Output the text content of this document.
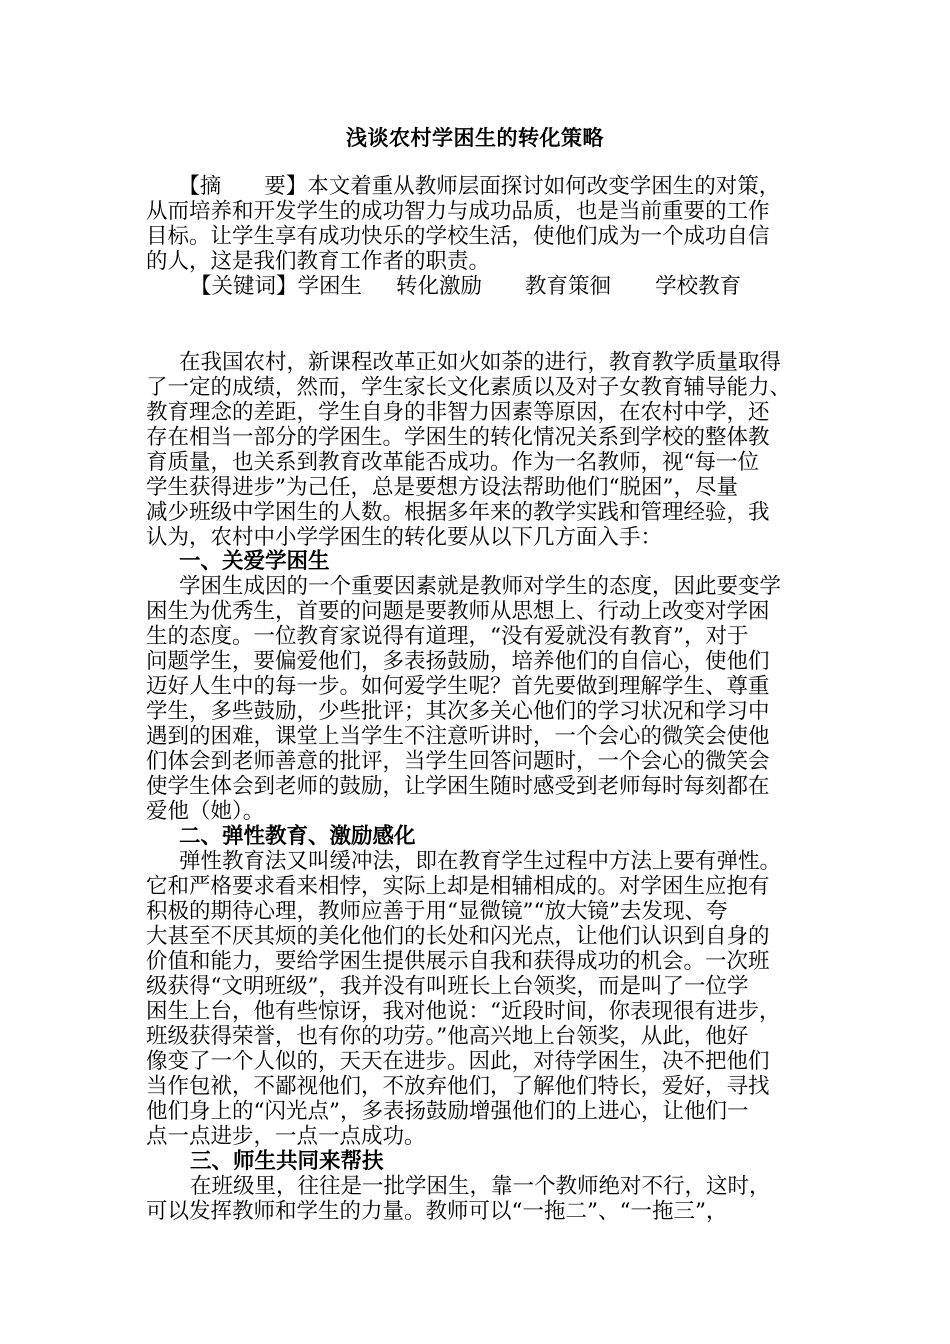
浅谈农村学困生的转化策略
　　【摘　　要】本文着重从教师层面探讨如何改变学困生的对策，
从而培养和开发学生的成功智力与成功品质，也是当前重要的工作
目标。让学生享有成功快乐的学校生活，使他们成为一个成功自信
的人，这是我们教育工作者的职责。
【关键词】学困生 转化激励 教育策徊 学校教育
在我国农村，新课程改革正如火如荼的进行，教育教学质量取得
了一定的成绩，然而，学生家长文化素质以及对子女教育辅导能力、
教育理念的差距，学生自身的非智力因素等原因，在农村中学，还
存在相当一部分的学困生。学困生的转化情况关系到学校的整体教
育质量，也关系到教育改革能否成功。作为一名教师，视“每一位
学生获得进步”为己任，总是要想方设法帮助他们“脱困”，尽量
减少班级中学困生的人数。根据多年来的教学实践和管理经验，我
认为，农村中小学学困生的转化要从以下几方面入手：
一、关爱学困生
学困生成因的一个重要因素就是教师对学生的态度，因此要变学
困生为优秀生，首要的问题是要教师从思想上、行动上改变对学困
生的态度。一位教育家说得有道理，“没有爱就没有教育”，对于
问题学生，要偏爱他们，多表扬鼓励，培养他们的自信心，使他们
迈好人生中的每一步。如何爱学生呢？首先要做到理解学生、尊重
学生，多些鼓励，少些批评；其次多关心他们的学习状况和学习中
遇到的困难，课堂上当学生不注意听讲时，一个会心的微笑会使他
们体会到老师善意的批评，当学生回答问题时，一个会心的微笑会
使学生体会到老师的鼓励，让学困生随时感受到老师每时每刻都在
爱他（她）。
二、弹性教育、激励感化
弹性教育法又叫缓冲法，即在教育学生过程中方法上要有弹性。
它和严格要求看来相悖，实际上却是相辅相成的。对学困生应抱有
积极的期待心理，教师应善于用“显微镜”“放大镜”去发现、夸
大甚至不厌其烦的美化他们的长处和闪光点，让他们认识到自身的
价值和能力，要给学困生提供展示自我和获得成功的机会。一次班
级获得“文明班级”，我并没有叫班长上台领奖，而是叫了一位学
困生上台，他有些惊讶，我对他说：“近段时间，你表现很有进步，
班级获得荣誉，也有你的功劳。”他高兴地上台领奖，从此，他好
像变了一个人似的，天天在进步。因此，对待学困生，决不把他们
当作包袱，不鄙视他们，不放弃他们，了解他们特长，爱好，寻找
他们身上的“闪光点”，多表扬鼓励增强他们的上进心，让他们一
点一点进步，一点一点成功。
三、师生共同来帮扶
在班级里，往往是一批学困生，靠一个教师绝对不行，这时，
可以发挥教师和学生的力量。教师可以“一拖二”、“一拖三”，
